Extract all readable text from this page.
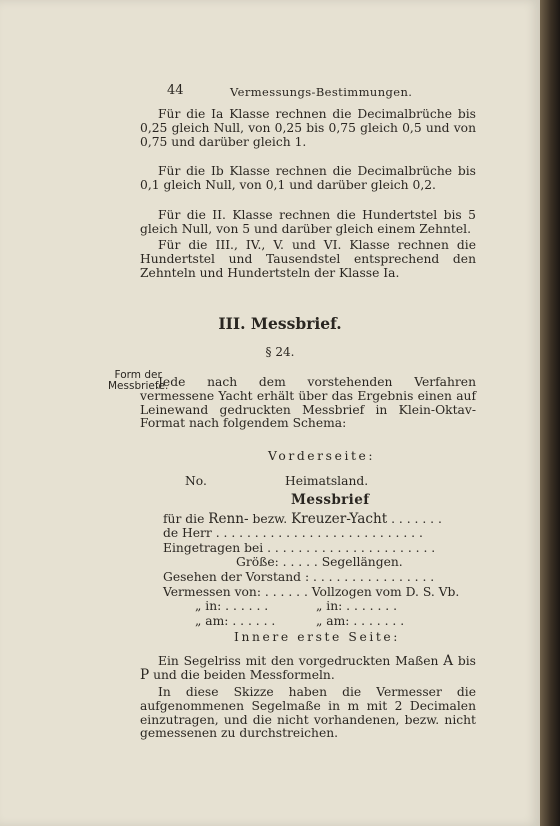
44	Vermessungs-Bestimmungen.

Für die Ia Klasse rechnen die Decimalbrüche bis 0,25 gleich Null, von 0,25 bis 0,75 gleich 0,5 und von 0,75 und darüber gleich 1.

Für die Ib Klasse rechnen die Decimalbrüche bis 0,1 gleich Null, von 0,1 und darüber gleich 0,2.

Für die II. Klasse rechnen die Hundertstel bis 5 gleich Null, von 5 und darüber gleich einem Zehntel.

Für die III., IV., V. und VI. Klasse rechnen die Hundertstel und Tausendstel entsprechend den Zehnteln und Hundertsteln der Klasse Ia.

III. Messbrief.
§ 24.
Form der
Messbriefe.

Jede nach dem vorstehenden Verfahren vermessene Yacht erhält über das Ergebnis einen auf Leinewand gedruckten Messbrief in Klein-Oktav-Format nach folgendem Schema:

Vorderseite:
No.	Heimatsland.
Messbrief
für die Renn- bezw. Kreuzer-Yacht . . . . . . .
de Herr . . . . . . . . . . . . . . . . . . . . . . . . . . .
Eingetragen bei . . . . . . . . . . . . . . . . . . . . . .
Größe: . . . . . Segellängen.
Gesehen der Vorstand : . . . . . . . . . . . . . . . .
Vermessen von: . . . . . . Vollzogen vom D. S. Vb.
„ in: . . . . . .	„ in: . . . . . . .
„ am: . . . . . .	„ am: . . . . . . .
Innere erste Seite:

Ein Segelriss mit den vorgedruckten Maßen A bis P und die beiden Messformeln.

In diese Skizze haben die Vermesser die aufgenommenen Segelmaße in m mit 2 Decimalen einzutragen, und die nicht vorhandenen, bezw. nicht gemessenen zu durchstreichen.
